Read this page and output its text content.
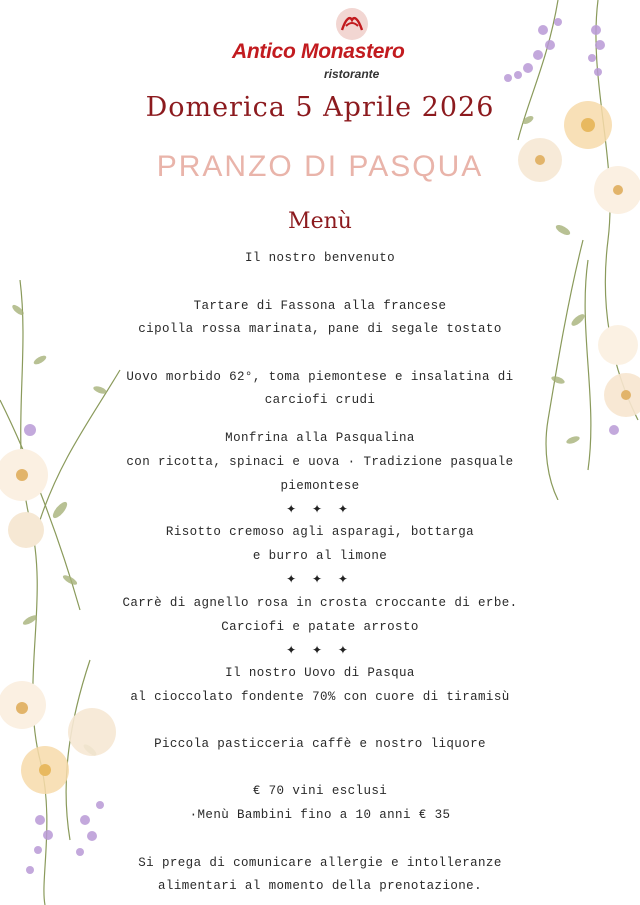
Antico Monastero
ristorante
Domerica 5 Aprile 2026
PRANZO DI PASQUA
Menù
Il nostro benvenuto
Tartare di Fassona alla francese
cipolla rossa marinata, pane di segale tostato
Uovo morbido 62°, toma piemontese e insalatina di
carciofi crudi
Monfrina alla Pasqualina
con ricotta, spinaci e uova · Tradizione pasquale
piemontese
✦ ✦ ✦
Risotto cremoso agli asparagi, bottarga
e burro al limone
✦ ✦ ✦
Carrè di agnello rosa in crosta croccante di erbe.
Carciofi e patate arrosto
✦ ✦ ✦
Il nostro Uovo di Pasqua
al cioccolato fondente 70% con cuore di tiramisù
Piccola pasticceria caffè e nostro liquore
€ 70 vini esclusi
·Menù Bambini fino a 10 anni € 35
Si prega di comunicare allergie e intolleranze
alimentari al momento della prenotazione.
